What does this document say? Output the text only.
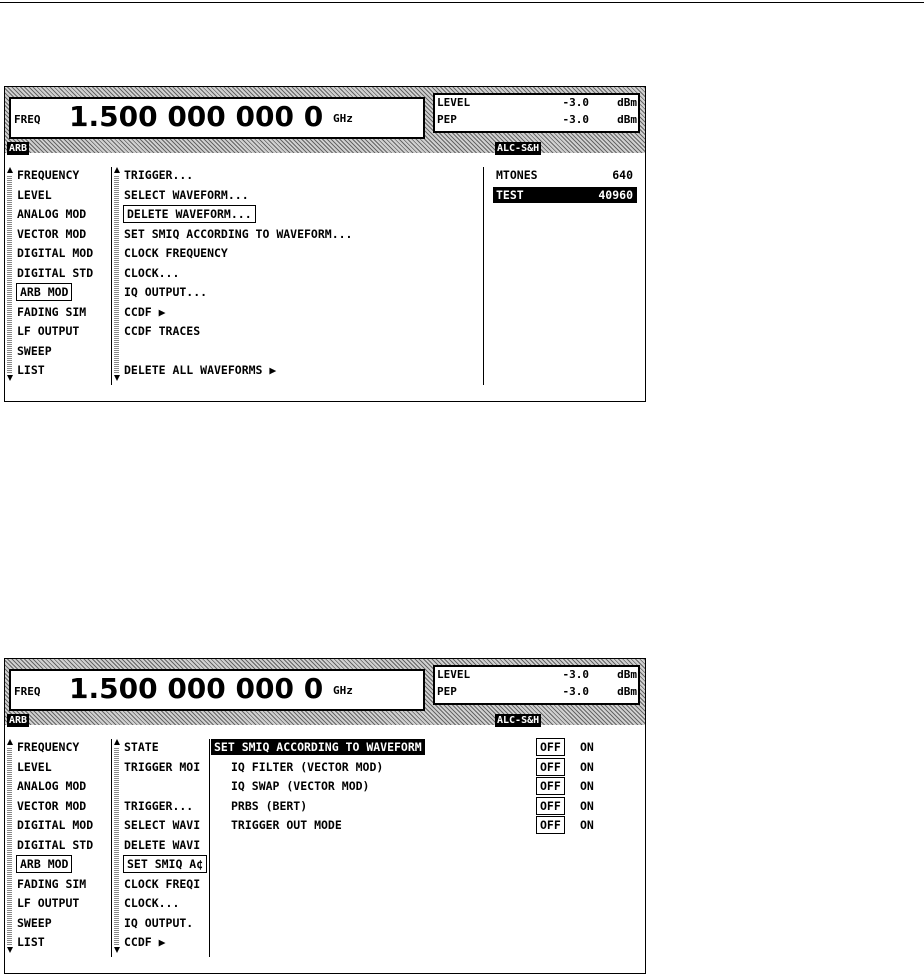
FREQ 1.500 000 000 0 GHz
LEVEL	-3.0	dBm
PEP	-3.0	dBm
ARB	ALC-S&H
FREQUENCY
LEVEL
ANALOG MOD
VECTOR MOD
DIGITAL MOD
DIGITAL STD
ARB MOD
FADING SIM
LF OUTPUT
SWEEP
LIST
TRIGGER...
SELECT WAVEFORM...
DELETE WAVEFORM...
SET SMIQ ACCORDING TO WAVEFORM...
CLOCK FREQUENCY
CLOCK...
IQ OUTPUT...
CCDF ▶
CCDF TRACES
DELETE ALL WAVEFORMS ▶
MTONES	640
TEST	40960
FREQ 1.500 000 000 0 GHz
LEVEL	-3.0	dBm
PEP	-3.0	dBm
ARB	ALC-S&H
FREQUENCY
LEVEL
ANALOG MOD
VECTOR MOD
DIGITAL MOD
DIGITAL STD
ARB MOD
FADING SIM
LF OUTPUT
SWEEP
LIST
STATE
TRIGGER MOI
TRIGGER...
SELECT WAVI
DELETE WAVI
SET SMIQ A¢
CLOCK FREQI
CLOCK...
IQ OUTPUT.
CCDF ▶
SET SMIQ ACCORDING TO WAVEFORM	OFF ON
IQ FILTER (VECTOR MOD)	OFF ON
IQ SWAP (VECTOR MOD)	OFF ON
PRBS (BERT)	OFF ON
TRIGGER OUT MODE	OFF ON
